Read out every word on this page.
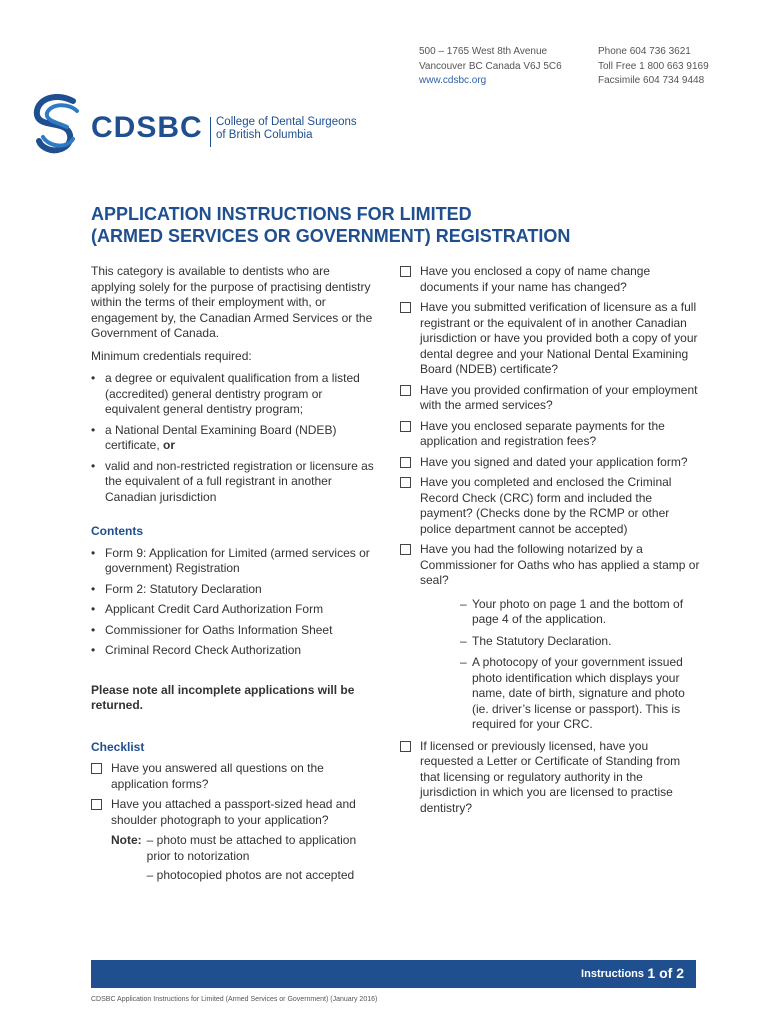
500 – 1765 West 8th Avenue
Vancouver BC Canada V6J 5C6
www.cdsbc.org
Phone 604 736 3621
Toll Free 1 800 663 9169
Facsimile 604 734 9448
CDSBC College of Dental Surgeons
of British Columbia
APPLICATION INSTRUCTIONS FOR LIMITED
(ARMED SERVICES OR GOVERNMENT) REGISTRATION

This category is available to dentists who are applying solely for the purpose of practising dentistry within the terms of their employment with, or engagement by, the Canadian Armed Services or the Government of Canada.

Minimum credentials required:

• a degree or equivalent qualification from a listed (accredited) general dentistry program or equivalent general dentistry program;
• a National Dental Examining Board (NDEB) certificate, or
• valid and non-restricted registration or licensure as the equivalent of a full registrant in another Canadian jurisdiction
Contents
• Form 9: Application for Limited (armed services or government) Registration
• Form 2: Statutory Declaration
• Applicant Credit Card Authorization Form
• Commissioner for Oaths Information Sheet
• Criminal Record Check Authorization

Please note all incomplete applications will be returned.

Checklist
Have you answered all questions on the application forms?
Have you attached a passport-sized head and shoulder photograph to your application?
Note: – photo must be attached to application prior to notorization
– photocopied photos are not accepted
Have you enclosed a copy of name change documents if your name has changed?
Have you submitted verification of licensure as a full registrant or the equivalent of in another Canadian jurisdiction or have you provided both a copy of your dental degree and your National Dental Examining Board (NDEB) certificate?
Have you provided confirmation of your employment with the armed services?
Have you enclosed separate payments for the application and registration fees?
Have you signed and dated your application form?
Have you completed and enclosed the Criminal Record Check (CRC) form and included the payment? (Checks done by the RCMP or other police department cannot be accepted)
Have you had the following notarized by a Commissioner for Oaths who has applied a stamp or seal?
– Your photo on page 1 and the bottom of page 4 of the application.
– The Statutory Declaration.
– A photocopy of your government issued photo identification which displays your name, date of birth, signature and photo (ie. driver’s license or passport). This is required for your CRC.
If licensed or previously licensed, have you requested a Letter or Certificate of Standing from that licensing or regulatory authority in the jurisdiction in which you are licensed to practise dentistry?
Instructions 1 of 2
CDSBC Application Instructions for Limited (Armed Services or Government) (January 2016)
